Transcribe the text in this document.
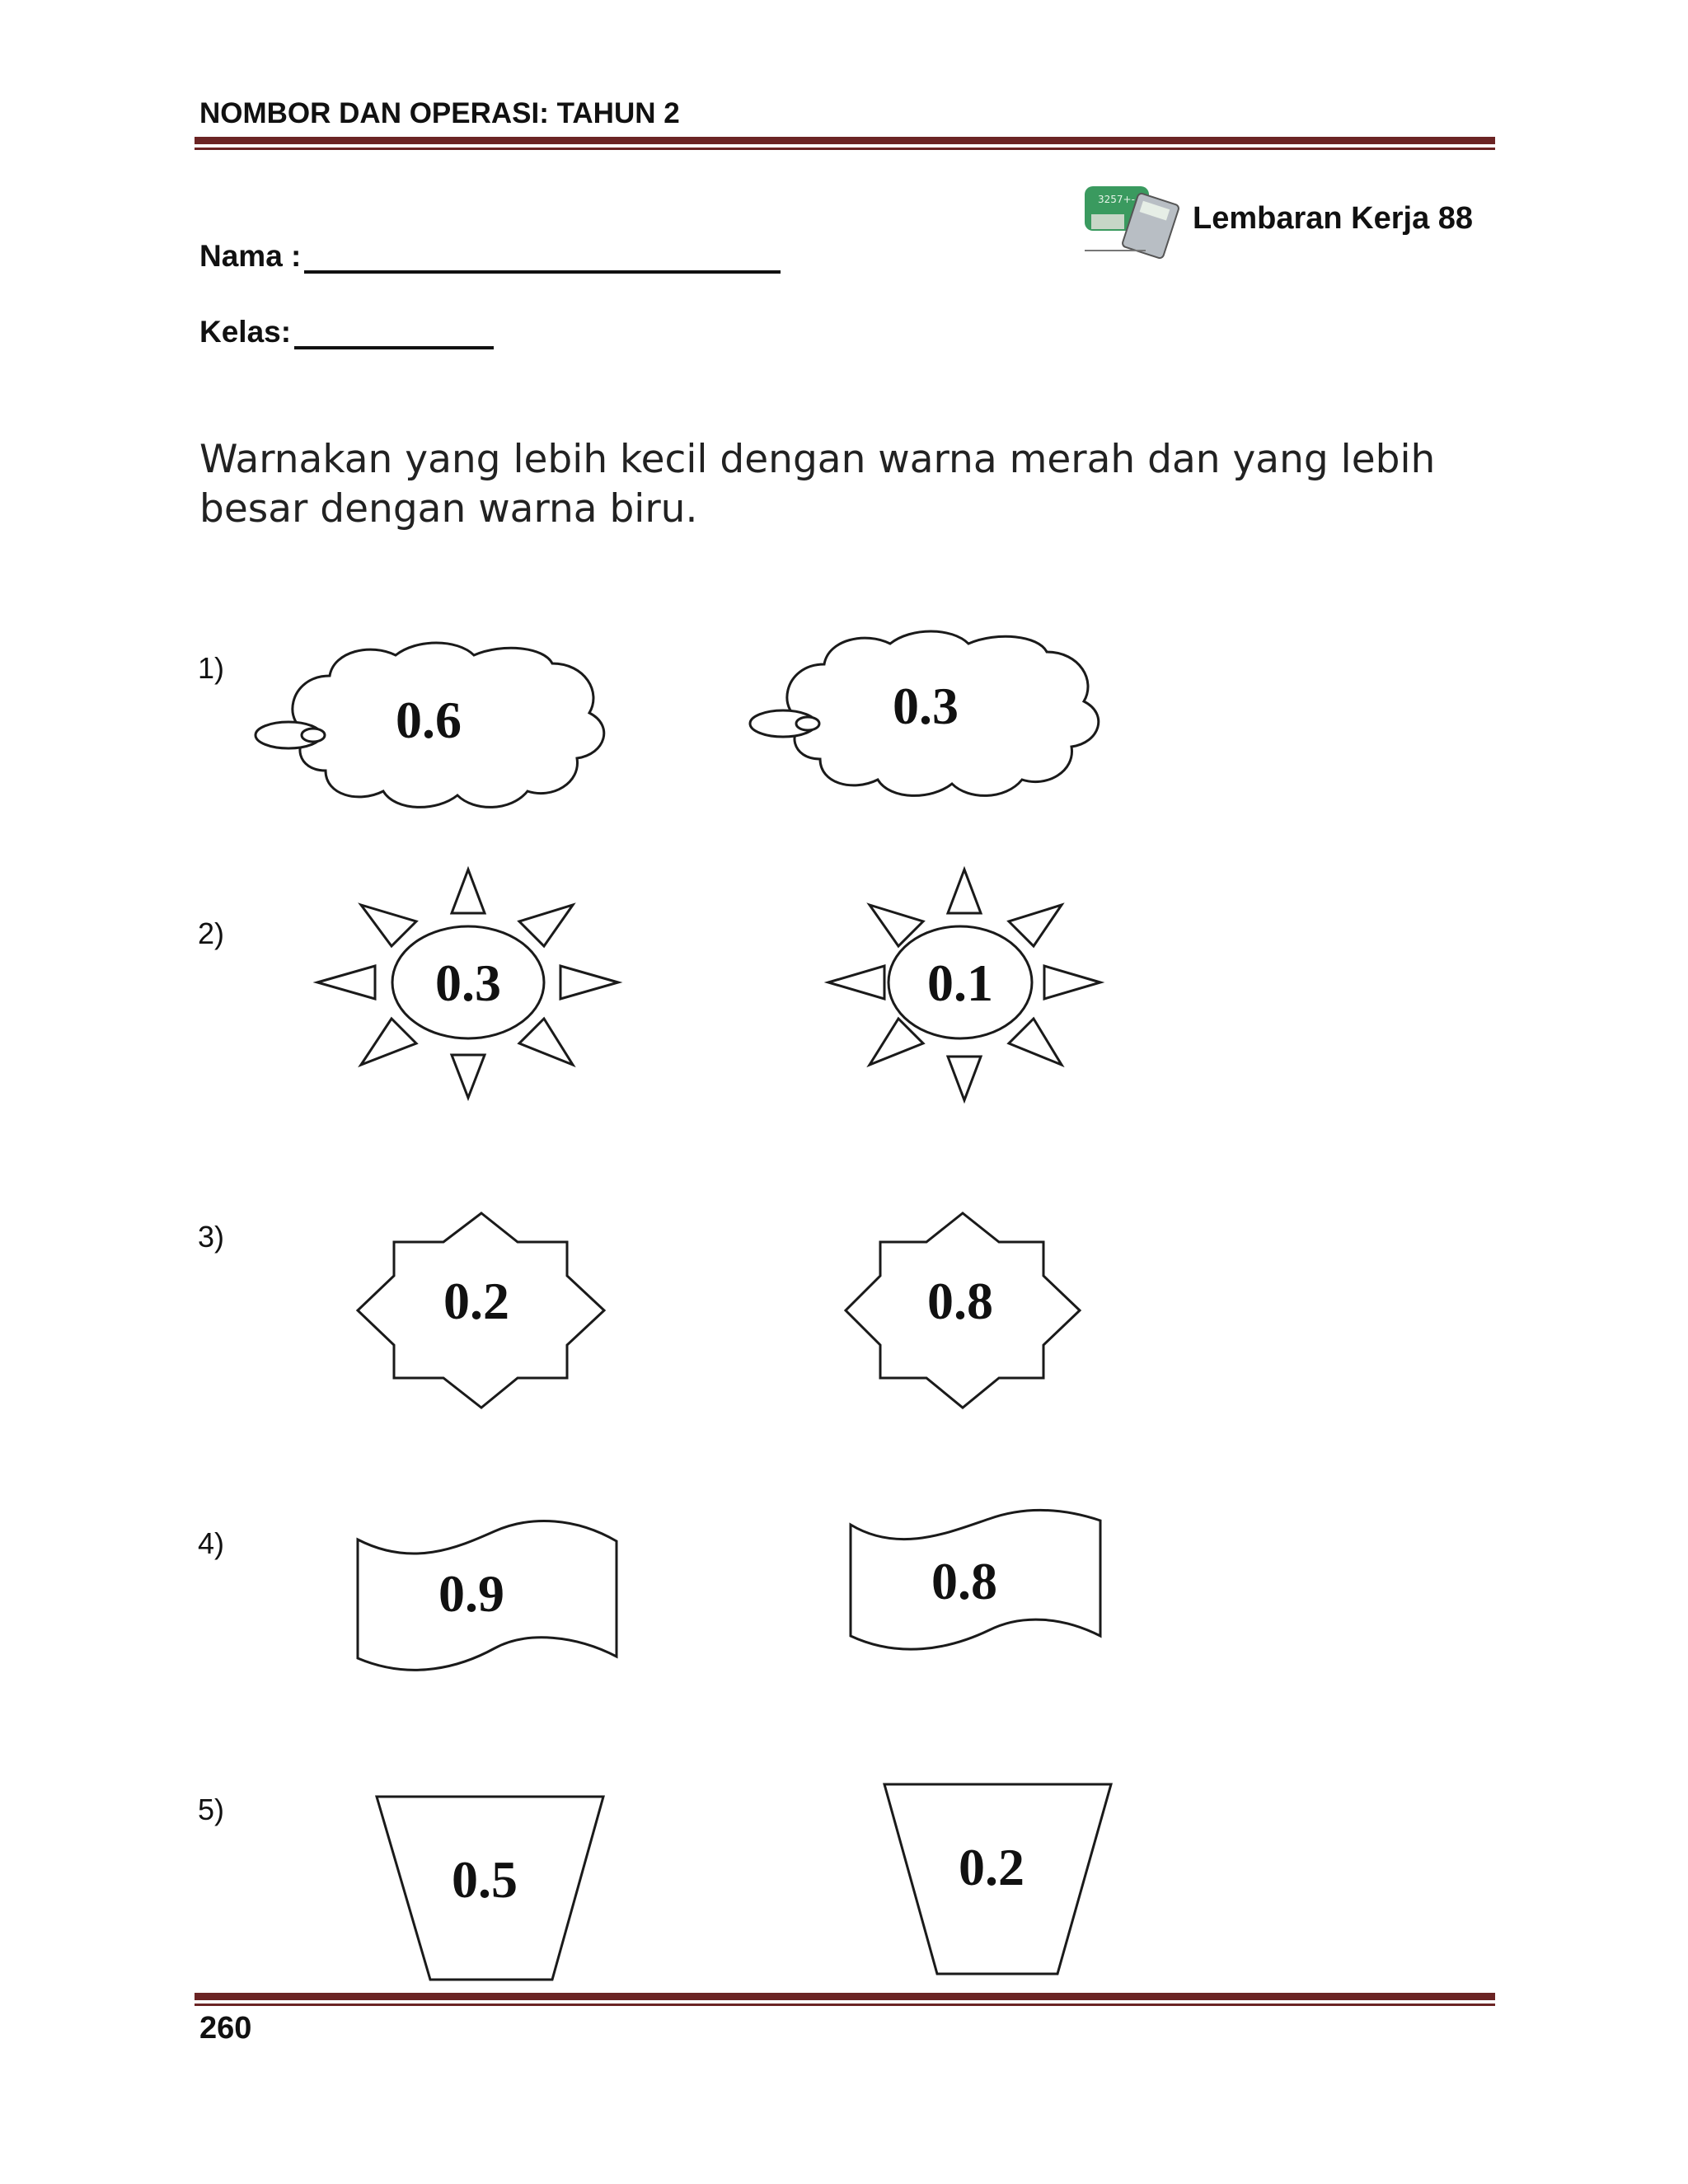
NOMBOR DAN OPERASI: TAHUN 2
3257+-
Lembaran Kerja 88
Nama :
Kelas:
Warnakan yang lebih kecil dengan warna merah dan yang lebih besar dengan warna biru.
1)
2)
3)
4)
5)
0.6	0.3
0.3	0.1
0.2	0.8
0.9	0.8
0.5	0.2
260
